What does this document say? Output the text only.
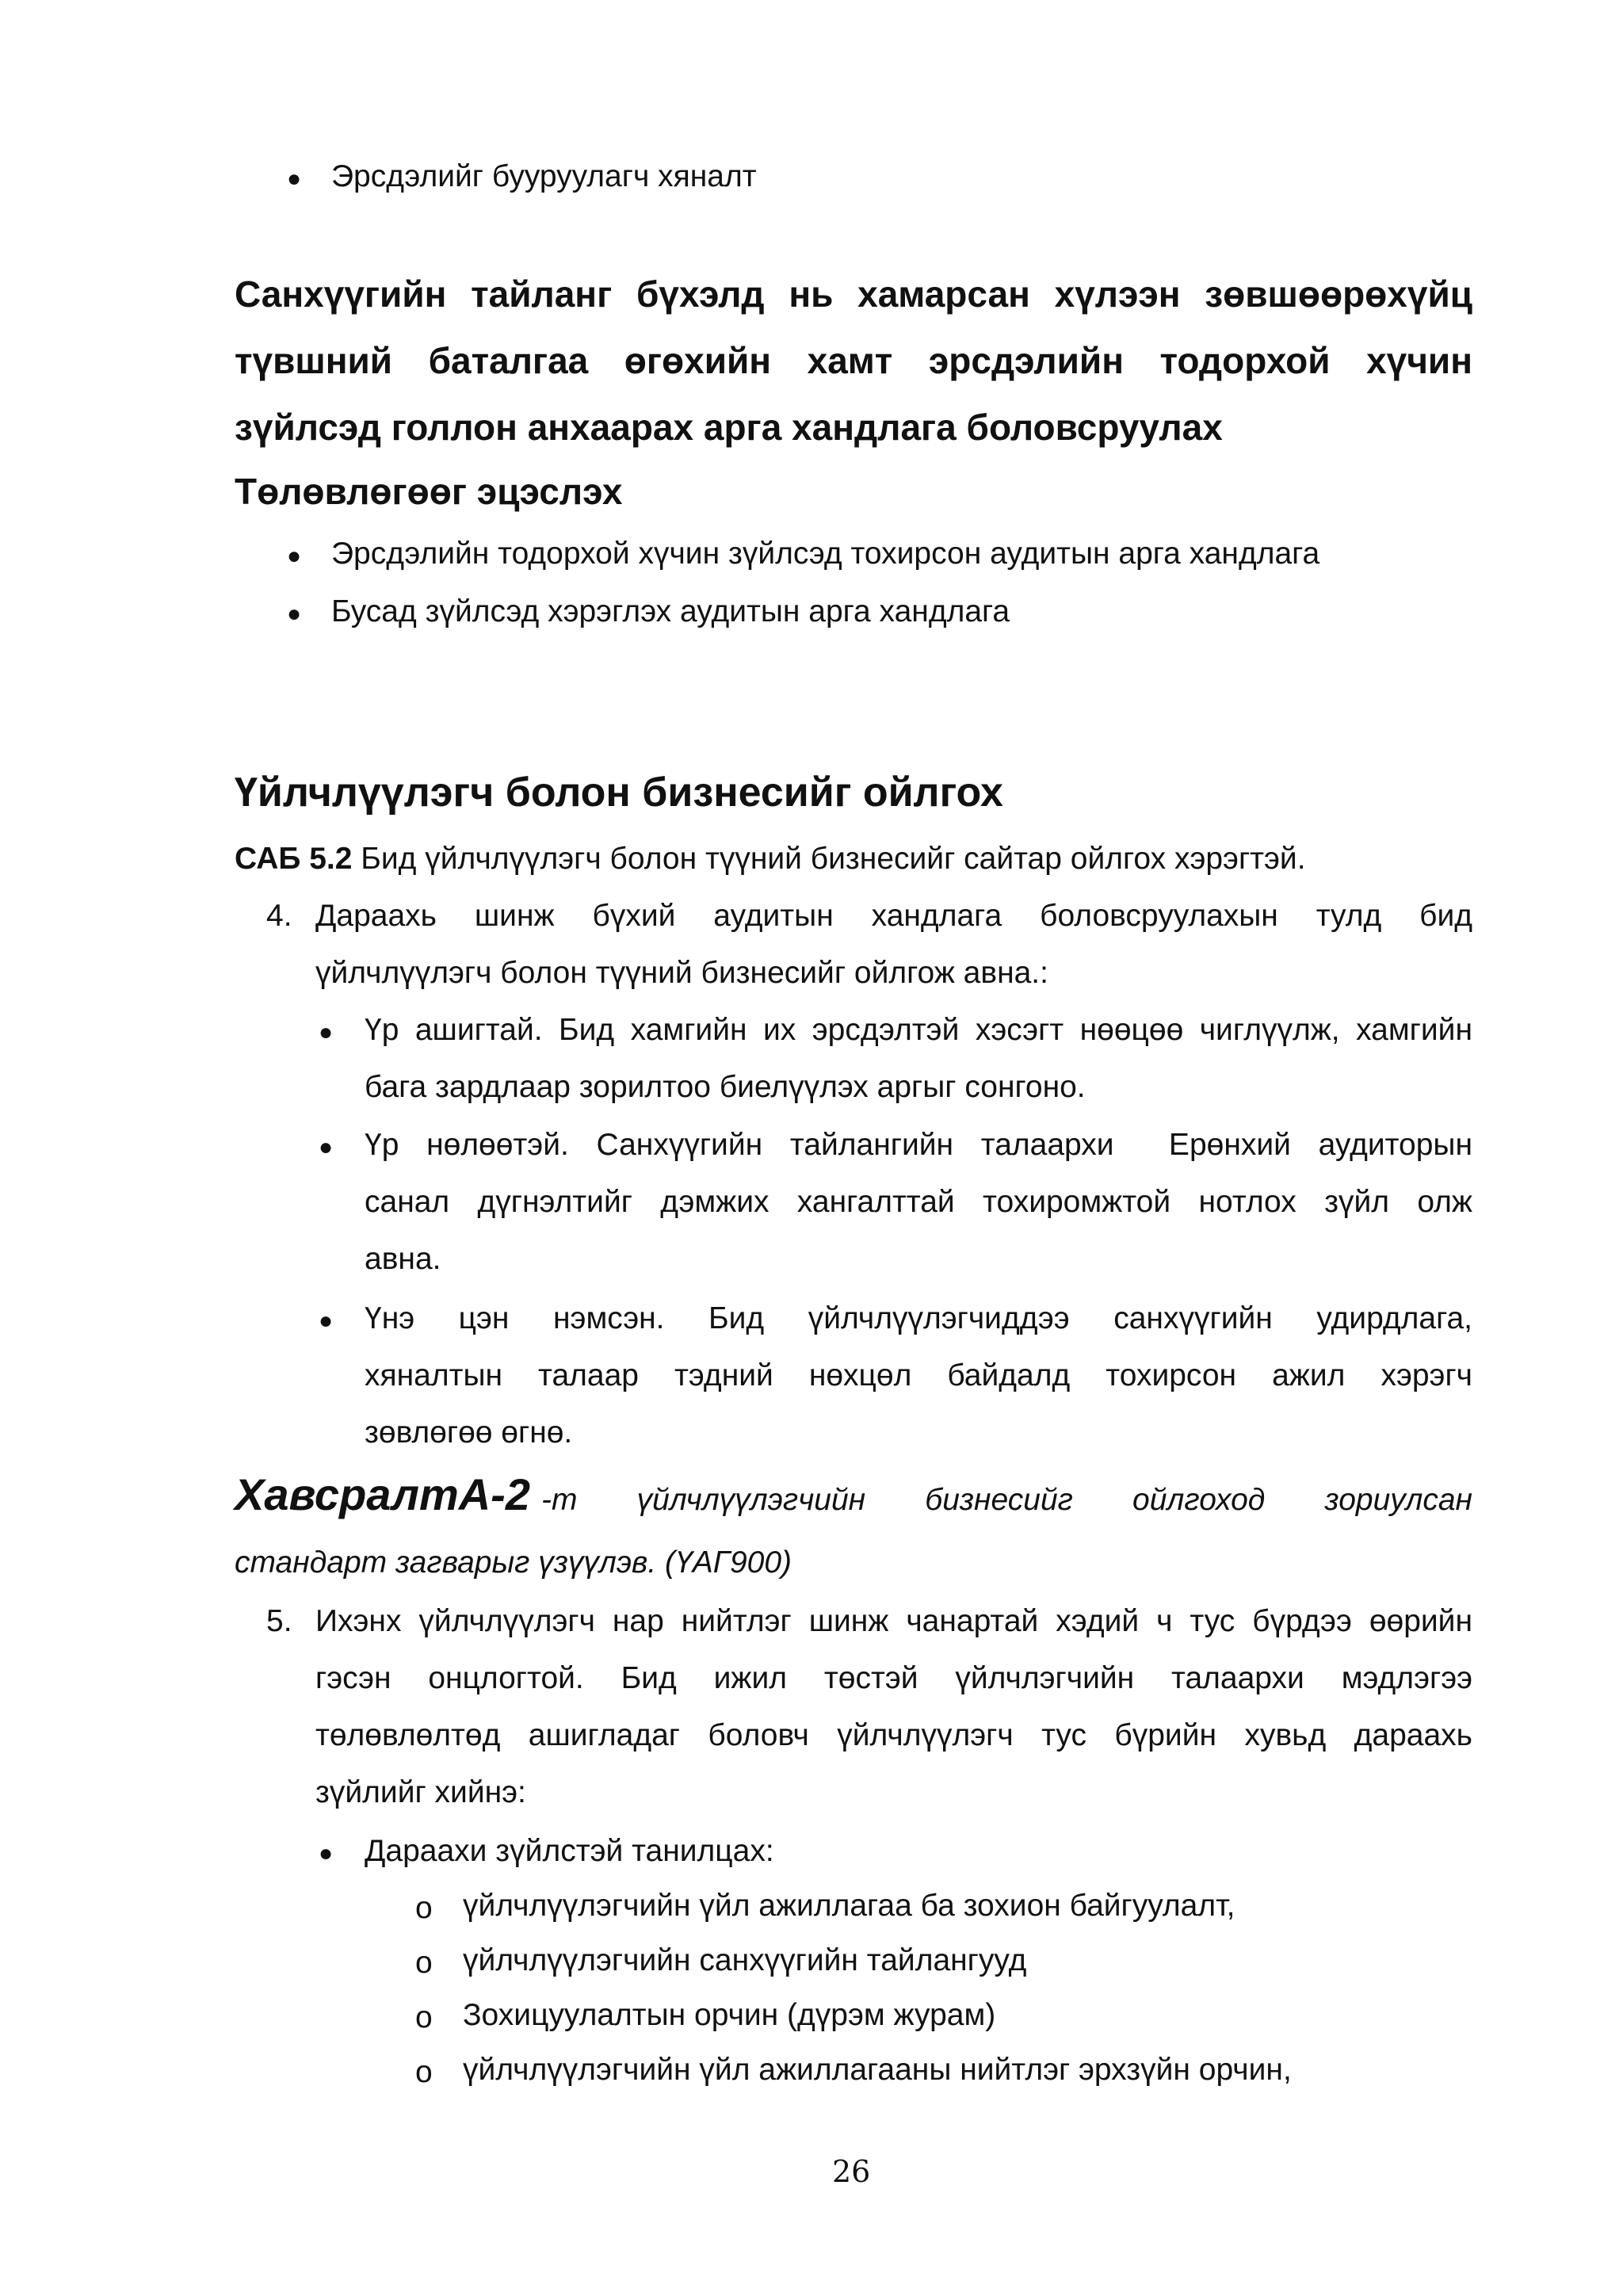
● Эрсдэлийг бууруулагч хяналт
Санхүүгийн тайланг бүхэлд нь хамарсан хүлээн зөвшөөрөхүйц
түвшний баталгаа өгөхийн хамт эрсдэлийн тодорхой хүчин
зүйлсэд голлон анхаарах арга хандлага боловсруулах
Төлөвлөгөөг эцэслэх
● Эрсдэлийн тодорхой хүчин зүйлсэд тохирсон аудитын арга хандлага
● Бусад зүйлсэд хэрэглэх аудитын арга хандлага
Үйлчлүүлэгч болон бизнесийг ойлгох
САБ 5.2 Бид үйлчлүүлэгч болон түүний бизнесийг сайтар ойлгох хэрэгтэй.
4. Дараахь шинж бүхий аудитын хандлага боловсруулахын тулд бид
үйлчлүүлэгч болон түүний бизнесийг ойлгож авна.:
● Үр ашигтай. Бид хамгийн их эрсдэлтэй хэсэгт нөөцөө чиглүүлж, хамгийн
бага зардлаар зорилтоо биелүүлэх аргыг сонгоно.
● Үр нөлөөтэй. Санхүүгийн тайлангийн талаархи  Ерөнхий аудиторын
санал дүгнэлтийг дэмжих хангалттай тохиромжтой нотлох зүйл олж
авна.
● Үнэ цэн нэмсэн. Бид үйлчлүүлэгчиддээ санхүүгийн удирдлага,
хяналтын талаар тэдний нөхцөл байдалд тохирсон ажил хэрэгч
зөвлөгөө өгнө.
Хавсралт А-2 -т үйлчлүүлэгчийн бизнесийг ойлгоход зориулсан
стандарт загварыг үзүүлэв. (ҮАГ900)
5. Ихэнх үйлчлүүлэгч нар нийтлэг шинж чанартай хэдий ч тус бүрдээ өөрийн
гэсэн онцлогтой. Бид ижил төстэй үйлчлэгчийн талаархи мэдлэгээ
төлөвлөлтөд ашигладаг боловч үйлчлүүлэгч тус бүрийн хувьд дараахь
зүйлийг хийнэ:
● Дараахи зүйлстэй танилцах:
o үйлчлүүлэгчийн үйл ажиллагаа ба зохион байгуулалт,
o үйлчлүүлэгчийн санхүүгийн тайлангууд
o Зохицуулалтын орчин (дүрэм журам)
o үйлчлүүлэгчийн үйл ажиллагааны нийтлэг эрхзүйн орчин,
26
